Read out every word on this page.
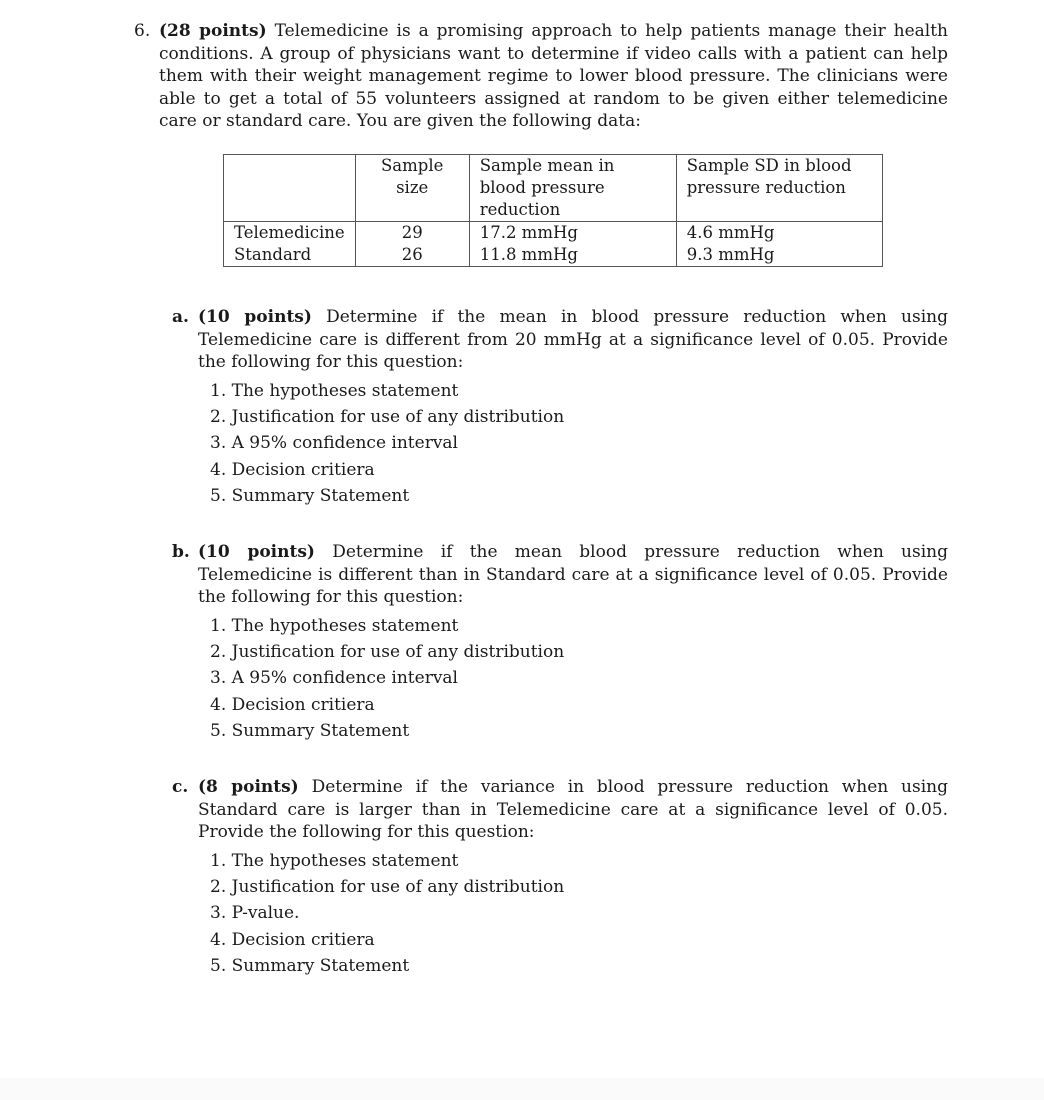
6. (28 points) Telemedicine is a promising approach to help patients manage their health conditions. A group of physicians want to determine if video calls with a patient can help them with their weight management regime to lower blood pressure. The clinicians were able to get a total of 55 volunteers assigned at random to be given either telemedicine care or standard care. You are given the following data:
	Sample size	Sample mean in blood pressure reduction	Sample SD in blood pressure reduction
Telemedicine	29	17.2 mmHg	4.6 mmHg
Standard	26	11.8 mmHg	9.3 mmHg
a. (10 points) Determine if the mean in blood pressure reduction when using Telemedicine care is different from 20 mmHg at a significance level of 0.05. Provide the following for this question:
1. The hypotheses statement
2. Justification for use of any distribution
3. A 95% confidence interval
4. Decision critiera
5. Summary Statement
b. (10 points) Determine if the mean blood pressure reduction when using Telemedicine is different than in Standard care at a significance level of 0.05. Provide the following for this question:
1. The hypotheses statement
2. Justification for use of any distribution
3. A 95% confidence interval
4. Decision critiera
5. Summary Statement
c. (8 points) Determine if the variance in blood pressure reduction when using Standard care is larger than in Telemedicine care at a significance level of 0.05. Provide the following for this question:
1. The hypotheses statement
2. Justification for use of any distribution
3. P-value.
4. Decision critiera
5. Summary Statement
